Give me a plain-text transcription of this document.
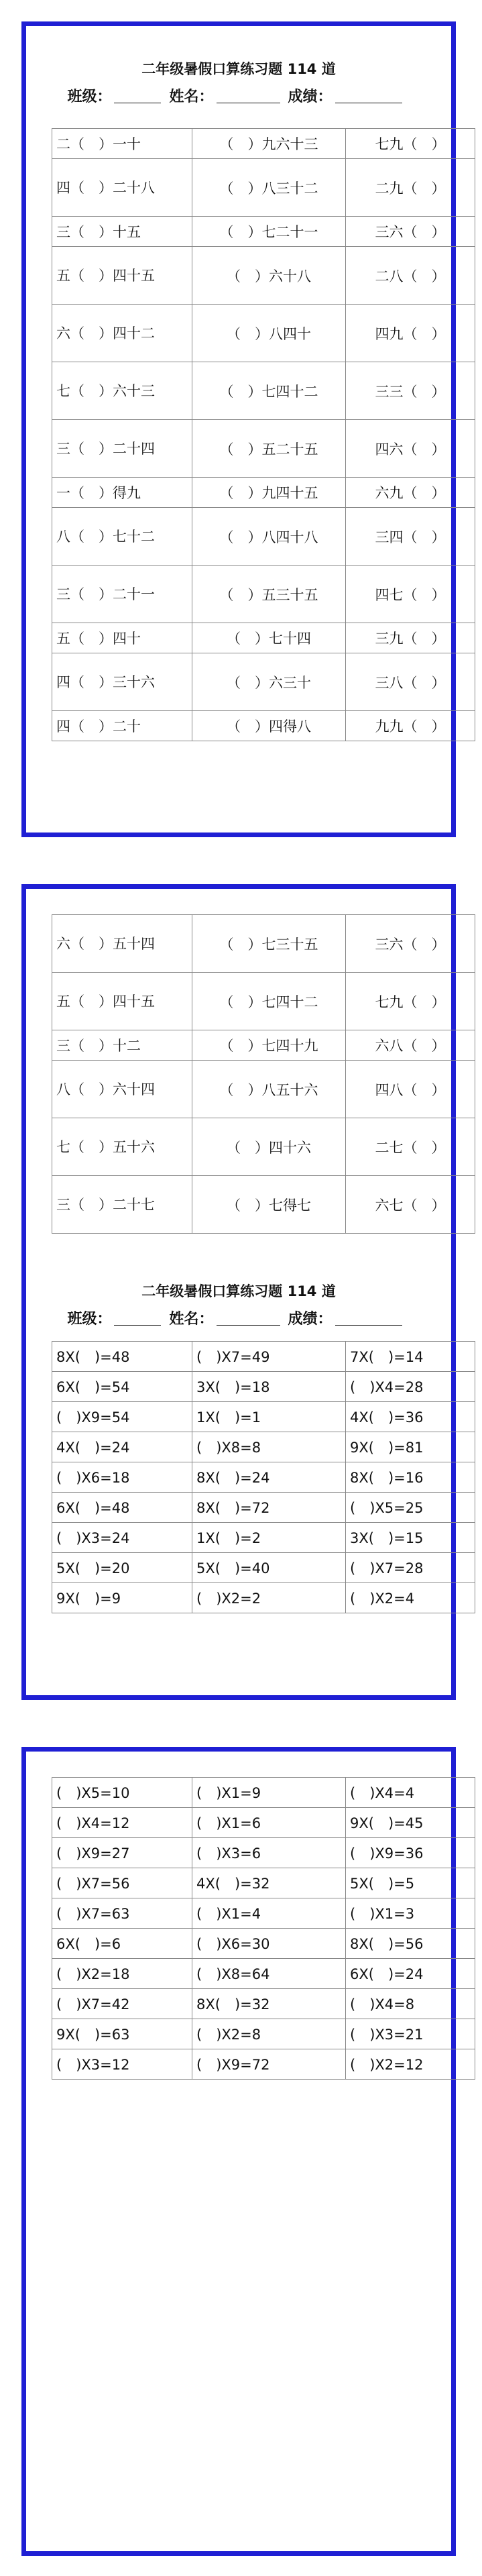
二年级暑假口算练习题 114 道

班级：	姓名：	成绩：
二（　）一十	（　）九六十三	七九（　）
四（　）二十八	（　）八三十二	二九（　）
三（　）十五	（　）七二十一	三六（　）
五（　）四十五	（　）六十八	二八（　）
六（　）四十二	（　）八四十	四九（　）
七（　）六十三	（　）七四十二	三三（　）
三（　）二十四	（　）五二十五	四六（　）
一（　）得九	（　）九四十五	六九（　）
八（　）七十二	（　）八四十八	三四（　）
三（　）二十一	（　）五三十五	四七（　）
五（　）四十	（　）七十四	三九（　）
四（　）三十六	（　）六三十	三八（　）
四（　）二十	（　）四得八	九九（　）
六（　）五十四	（　）七三十五	三六（　）
五（　）四十五	（　）七四十二	七九（　）
三（　）十二	（　）七四十九	六八（　）
八（　）六十四	（　）八五十六	四八（　）
七（　）五十六	（　）四十六	二七（　）
三（　）二十七	（　）七得七	六七（　）

二年级暑假口算练习题 114 道

班级：	姓名：	成绩：
8X(　)=48	(　)X7=49	7X(　)=14
6X(　)=54	3X(　)=18	(　)X4=28
(　)X9=54	1X(　)=1	4X(　)=36
4X(　)=24	(　)X8=8	9X(　)=81
(　)X6=18	8X(　)=24	8X(　)=16
6X(　)=48	8X(　)=72	(　)X5=25
(　)X3=24	1X(　)=2	3X(　)=15
5X(　)=20	5X(　)=40	(　)X7=28
9X(　)=9	(　)X2=2	(　)X2=4
(　)X5=10	(　)X1=9	(　)X4=4
(　)X4=12	(　)X1=6	9X(　)=45
(　)X9=27	(　)X3=6	(　)X9=36
(　)X7=56	4X(　)=32	5X(　)=5
(　)X7=63	(　)X1=4	(　)X1=3
6X(　)=6	(　)X6=30	8X(　)=56
(　)X2=18	(　)X8=64	6X(　)=24
(　)X7=42	8X(　)=32	(　)X4=8
9X(　)=63	(　)X2=8	(　)X3=21
(　)X3=12	(　)X9=72	(　)X2=12
